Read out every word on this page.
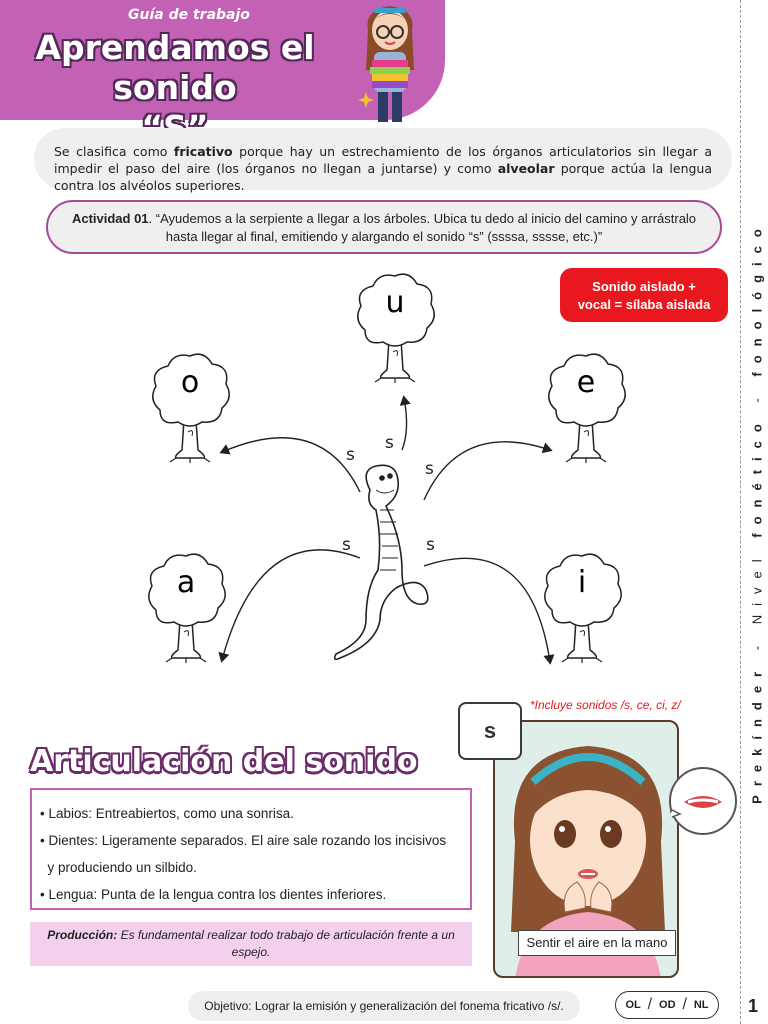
Guía de trabajo
Aprendamos el sonido
Prekínder - Nivel fonético - fonológico
Se clasifica como fricativo porque hay un estrechamiento de los órganos articulatorios sin llegar a impedir el paso del aire (los órganos no llegan a juntarse) y como alveolar porque actúa la lengua contra los alvéolos superiores.
Actividad 01. “Ayudemos a la serpiente a llegar a los árboles. Ubica tu dedo al inicio del camino y arrástralo hasta llegar al final, emitiendo y alargando el sonido “s” (ssssa, sssse, etc.)”
Sonido aislado +
vocal = sílaba aislada
u
o	e
a	i
s
s
s
s	s
*Incluye sonidos /s, ce, ci, z/
Articulación del sonido
• Labios: Entreabiertos, como una sonrisa.
• Dientes: Ligeramente separados. El aire sale rozando los incisivos
y produciendo un silbido.
• Lengua: Punta de la lengua contra los dientes inferiores.
Producción: Es fundamental realizar todo trabajo de articulación frente a un espejo.
s
Sentir el aire en la mano
Objetivo: Lograr la emisión y generalización del fonema fricativo /s/.	OL / OD / NL 1
